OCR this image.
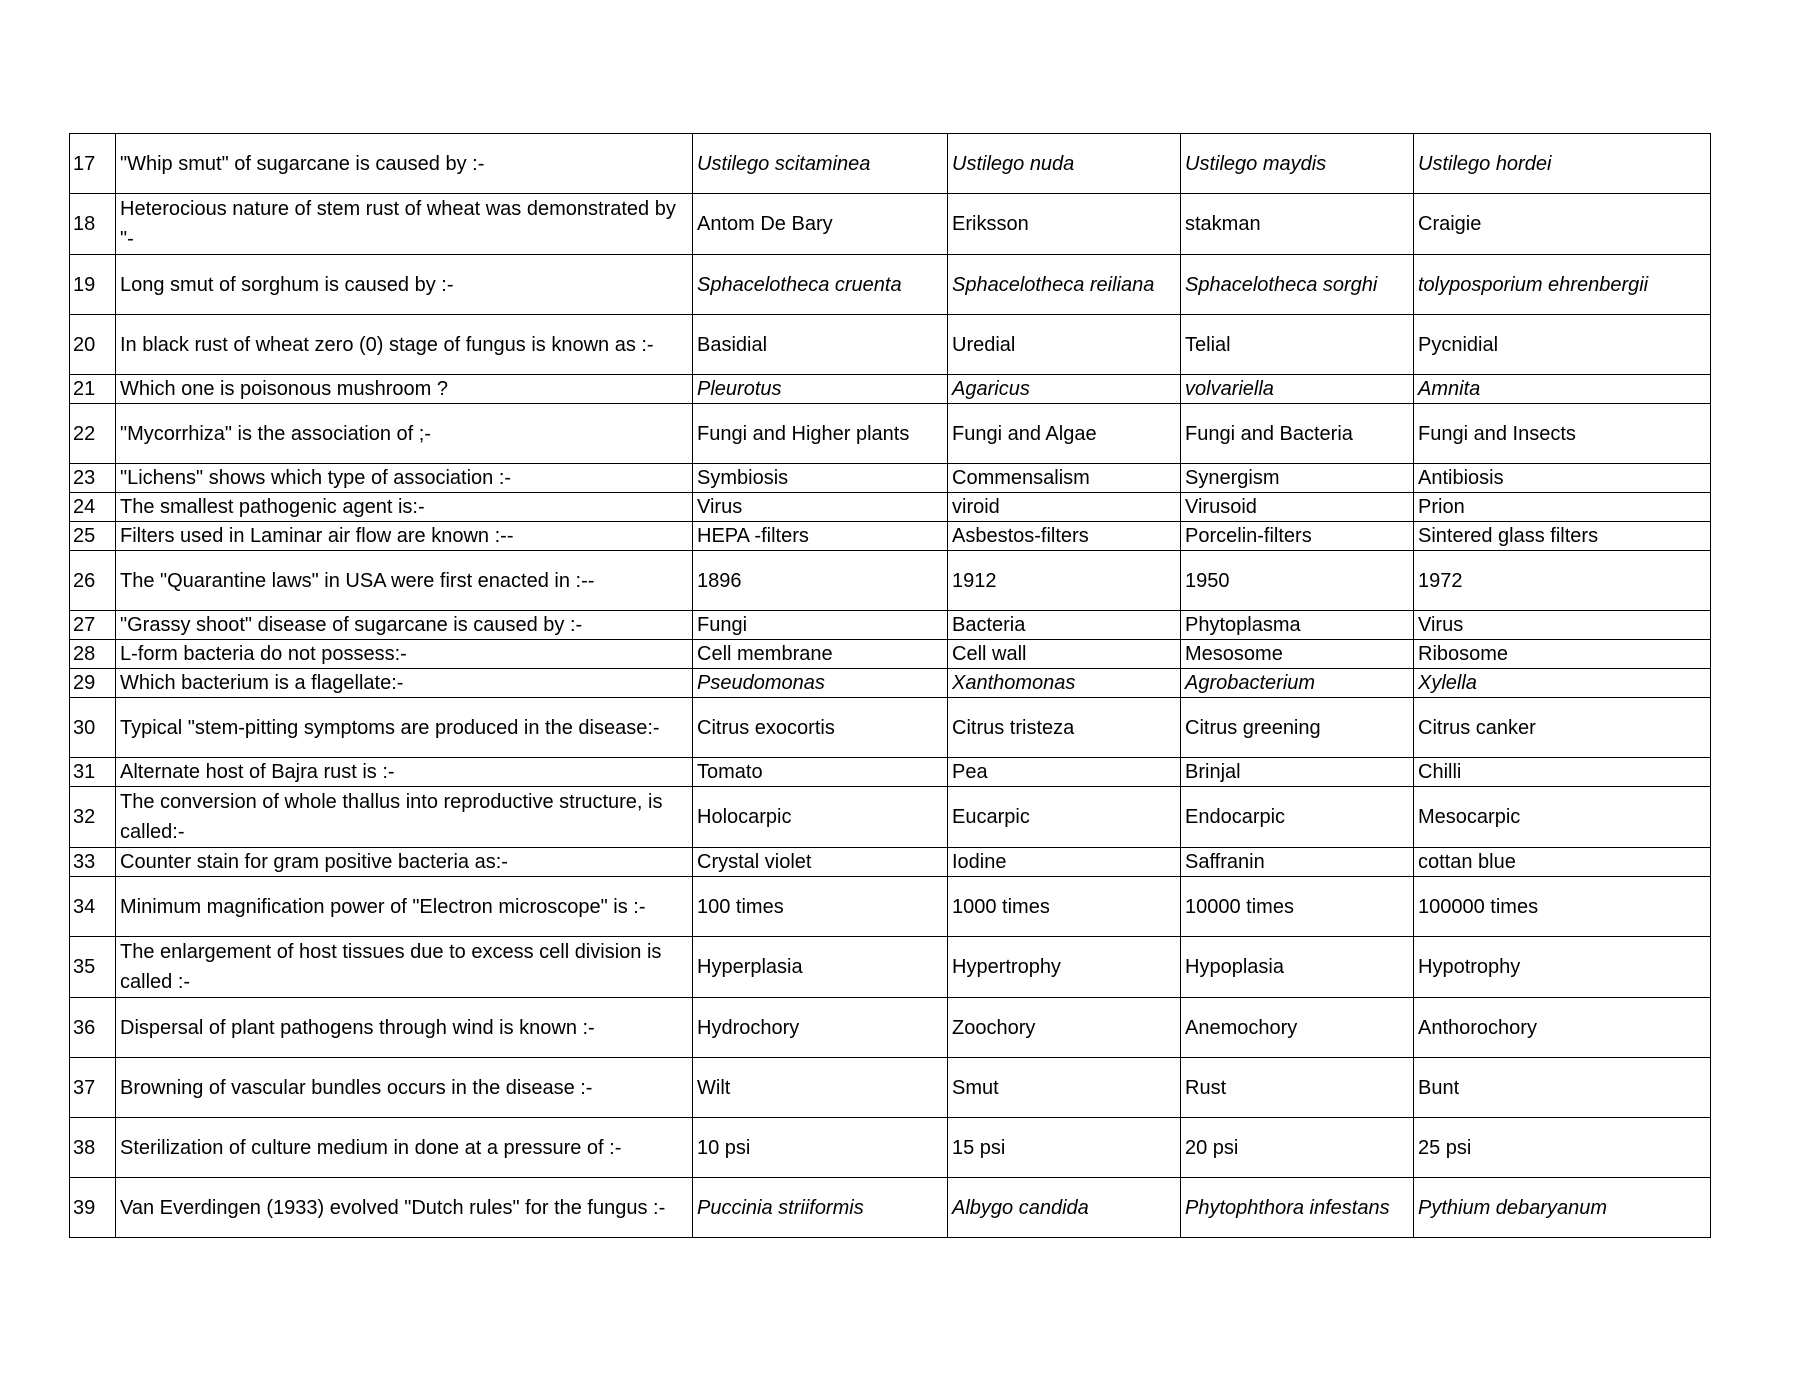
17	"Whip smut" of sugarcane is caused by :-	Ustilego scitaminea	Ustilego nuda	Ustilego maydis	Ustilego hordei
18	Heterocious nature of stem rust of wheat was demonstrated by "-	Antom De Bary	Eriksson	stakman	Craigie
19	Long smut of sorghum is caused by :-	Sphacelotheca cruenta	Sphacelotheca reiliana	Sphacelotheca sorghi	tolyposporium ehrenbergii
20	In black rust of wheat zero (0) stage of fungus is known as :-	Basidial	Uredial	Telial	Pycnidial
21	Which one is poisonous mushroom ?	Pleurotus	Agaricus	volvariella	Amnita
22	"Mycorrhiza" is the association of ;-	Fungi and Higher plants	Fungi and Algae	Fungi and Bacteria	Fungi and Insects
23	"Lichens" shows which type of association :-	Symbiosis	Commensalism	Synergism	Antibiosis
24	The smallest pathogenic agent is:-	Virus	viroid	Virusoid	Prion
25	Filters used in Laminar air flow are known :--	HEPA -filters	Asbestos-filters	Porcelin-filters	Sintered glass filters
26	The "Quarantine laws" in USA were first enacted in :--	1896	1912	1950	1972
27	"Grassy shoot" disease of sugarcane is caused by :-	Fungi	Bacteria	Phytoplasma	Virus
28	L-form bacteria do not possess:-	Cell membrane	Cell wall	Mesosome	Ribosome
29	Which bacterium is a flagellate:-	Pseudomonas	Xanthomonas	Agrobacterium	Xylella
30	Typical "stem-pitting symptoms are produced in the disease:-	Citrus exocortis	Citrus tristeza	Citrus greening	Citrus canker
31	Alternate host of Bajra rust is :-	Tomato	Pea	Brinjal	Chilli
32	The conversion of whole thallus into reproductive structure, is called:-	Holocarpic	Eucarpic	Endocarpic	Mesocarpic
33	Counter stain for gram positive bacteria as:-	Crystal violet	Iodine	Saffranin	cottan blue
34	Minimum magnification power of "Electron microscope" is :-	100 times	1000 times	10000 times	100000 times
35	The enlargement of host tissues due to excess cell division is called :-	Hyperplasia	Hypertrophy	Hypoplasia	Hypotrophy
36	Dispersal of plant pathogens through wind is known :-	Hydrochory	Zoochory	Anemochory	Anthorochory
37	Browning of vascular bundles occurs in the disease :-	Wilt	Smut	Rust	Bunt
38	Sterilization of culture medium in done at a pressure of :-	10 psi	15 psi	20 psi	25 psi
39	Van Everdingen (1933) evolved "Dutch rules" for the fungus :-	Puccinia striiformis	Albygo candida	Phytophthora infestans	Pythium debaryanum
